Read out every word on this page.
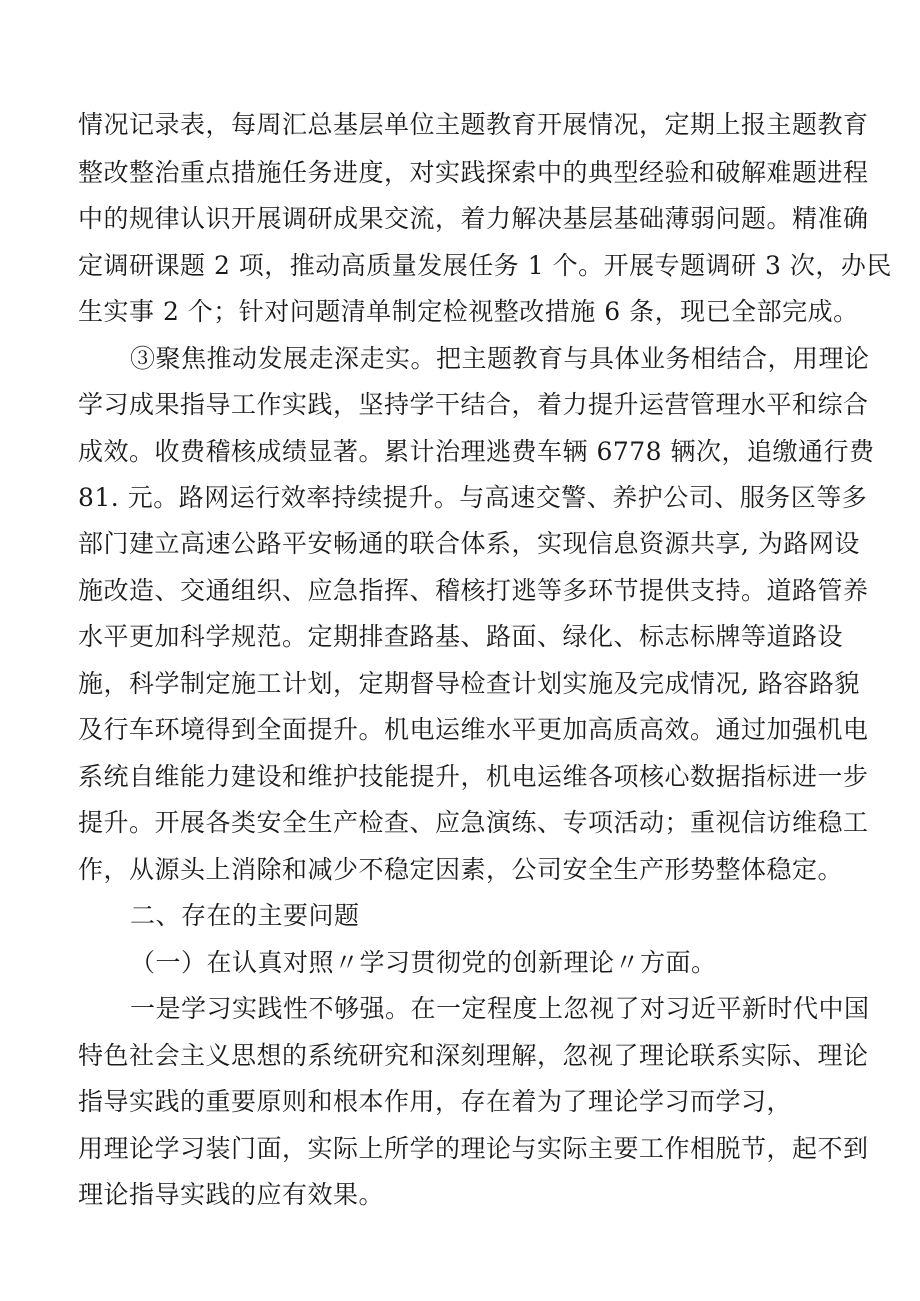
情况记录表，每周汇总基层单位主题教育开展情况，定期上报主题教育
整改整治重点措施任务进度，对实践探索中的典型经验和破解难题进程
中的规律认识开展调研成果交流，着力解决基层基础薄弱问题。精准确
定调研课题 2 项，推动高质量发展任务 1 个。开展专题调研 3 次，办民
生实事 2 个；针对问题清单制定检视整改措施 6 条，现已全部完成。
③聚焦推动发展走深走实。把主题教育与具体业务相结合，用理论
学习成果指导工作实践，坚持学干结合，着力提升运营管理水平和综合
成效。收费稽核成绩显著。累计治理逃费车辆 6778 辆次，追缴通行费
81. 元。路网运行效率持续提升。与高速交警、养护公司、服务区等多
部门建立高速公路平安畅通的联合体系，实现信息资源共享, 为路网设
施改造、交通组织、应急指挥、稽核打逃等多环节提供支持。道路管养
水平更加科学规范。定期排查路基、路面、绿化、标志标牌等道路设
施，科学制定施工计划，定期督导检查计划实施及完成情况, 路容路貌
及行车环境得到全面提升。机电运维水平更加高质高效。通过加强机电
系统自维能力建设和维护技能提升，机电运维各项核心数据指标进一步
提升。开展各类安全生产检查、应急演练、专项活动；重视信访维稳工
作，从源头上消除和减少不稳定因素，公司安全生产形势整体稳定。
二、存在的主要问题
（一）在认真对照〃学习贯彻党的创新理论〃方面。
一是学习实践性不够强。在一定程度上忽视了对习近平新时代中国
特色社会主义思想的系统研究和深刻理解，忽视了理论联系实际、理论
指导实践的重要原则和根本作用，存在着为了理论学习而学习，
用理论学习装门面，实际上所学的理论与实际主要工作相脱节，起不到
理论指导实践的应有效果。
